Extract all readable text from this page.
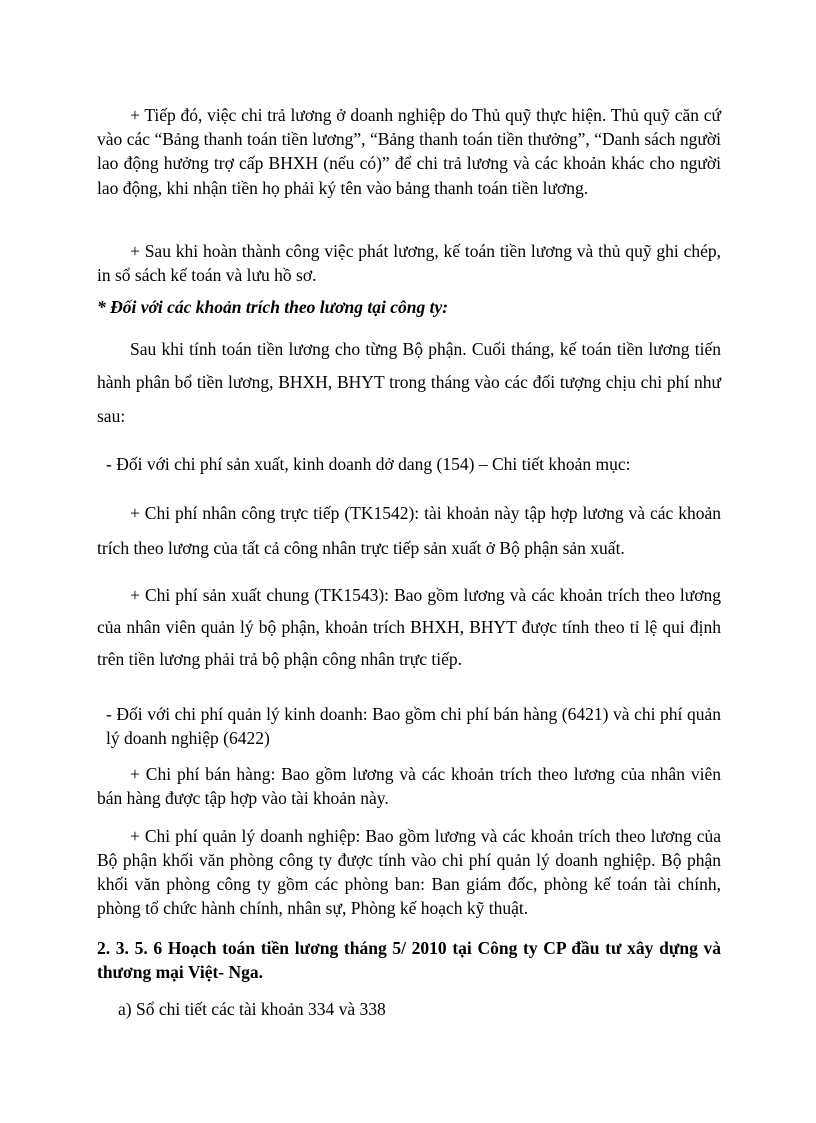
+ Tiếp đó, việc chi trả lương ở doanh nghiệp do Thủ quỹ thực hiện. Thủ quỹ căn cứ vào các “Bảng thanh toán tiền lương”, “Bảng thanh toán tiền thưởng”, “Danh sách người lao động hưởng trợ cấp BHXH (nếu có)” để chi trả lương và các khoản khác cho người lao động, khi nhận tiền họ phải ký tên vào bảng thanh toán tiền lương.

+ Sau khi hoàn thành công việc phát lương, kế toán tiền lương và thủ quỹ ghi chép, in sổ sách kế toán và lưu hồ sơ.

* Đối với các khoản trích theo lương tại công ty:

Sau khi tính toán tiền lương cho từng Bộ phận. Cuối tháng, kế toán tiền lương tiến hành phân bổ tiền lương, BHXH, BHYT trong tháng vào các đối tượng chịu chi phí như sau:

- Đối với chi phí sản xuất, kinh doanh dở dang (154) – Chi tiết khoản mục:

+ Chi phí nhân công trực tiếp (TK1542): tài khoản này tập hợp lương và các khoản trích theo lương của tất cả công nhân trực tiếp sản xuất ở Bộ phận sản xuất.

+ Chi phí sản xuất chung (TK1543): Bao gồm lương và các khoản trích theo lương của nhân viên quản lý bộ phận, khoản trích BHXH, BHYT được tính theo tỉ lệ qui định trên tiền lương phải trả bộ phận công nhân trực tiếp.

- Đối với chi phí quản lý kinh doanh: Bao gồm chi phí bán hàng (6421) và chi phí quản lý doanh nghiệp (6422)

+ Chi phí bán hàng: Bao gồm lương và các khoản trích theo lương của nhân viên bán hàng được tập hợp vào tài khoản này.

+ Chi phí quản lý doanh nghiệp: Bao gồm lương và các khoản trích theo lương của Bộ phận khối văn phòng công ty được tính vào chi phí quản lý doanh nghiệp. Bộ phận khối văn phòng công ty gồm các phòng ban: Ban giám đốc, phòng kế toán tài chính, phòng tổ chức hành chính, nhân sự, Phòng kế hoạch kỹ thuật.

2. 3. 5. 6 Hoạch toán tiền lương tháng 5/ 2010 tại Công ty CP đầu tư xây dựng và thương mại Việt- Nga.

a) Sổ chi tiết các tài khoản 334 và 338
